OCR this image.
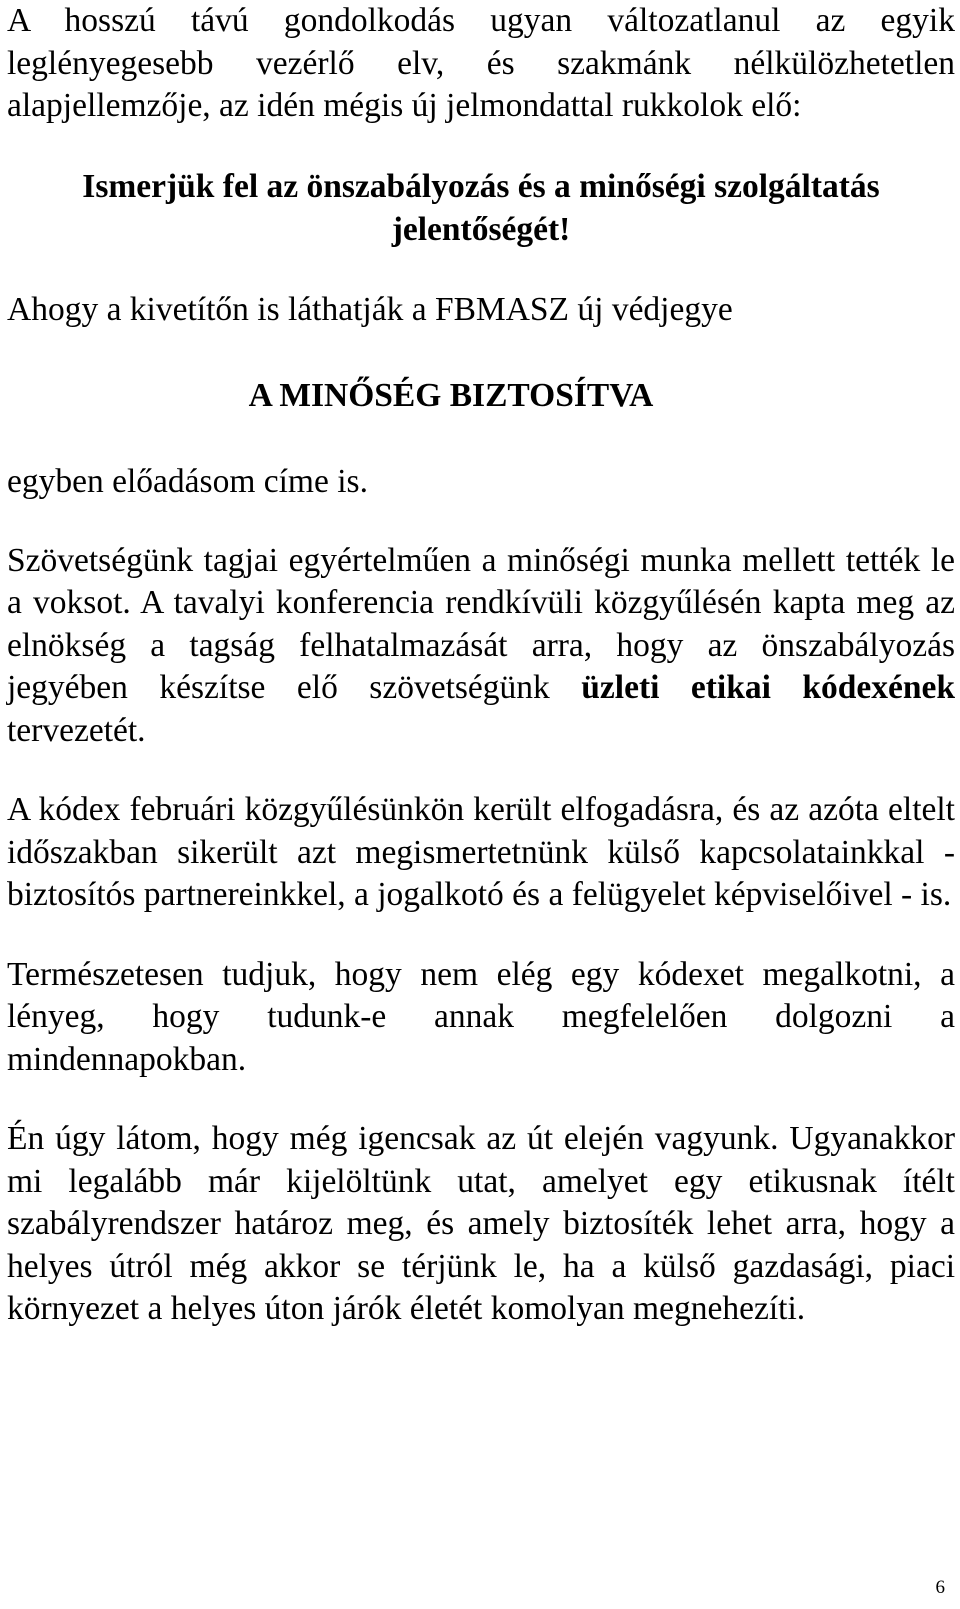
A hosszú távú gondolkodás ugyan változatlanul az egyik leglényegesebb vezérlő elv, és szakmánk nélkülözhetetlen alapjellemzője, az idén mégis új jelmondattal rukkolok elő:

Ismerjük fel az önszabályozás és a minőségi szolgáltatás

jelentőségét!

Ahogy a kivetítőn is láthatják a FBMASZ új védjegye

A MINŐSÉG BIZTOSÍTVA

egyben előadásom címe is.

Szövetségünk tagjai egyértelműen a minőségi munka mellett tették le a voksot. A tavalyi konferencia rendkívüli közgyűlésén kapta meg az elnökség a tagság felhatalmazását arra, hogy az önszabályozás jegyében készítse elő szövetségünk üzleti etikai kódexének tervezetét.

A kódex februári közgyűlésünkön került elfogadásra, és az azóta eltelt időszakban sikerült azt megismertetnünk külső kapcsolatainkkal - biztosítós partnereinkkel, a jogalkotó és a felügyelet képviselőivel - is.

Természetesen tudjuk, hogy nem elég egy kódexet megalkotni, a lényeg, hogy tudunk-e annak megfelelően dolgozni a mindennapokban.

Én úgy látom, hogy még igencsak az út elején vagyunk. Ugyanakkor mi legalább már kijelöltünk utat, amelyet egy etikusnak ítélt szabályrendszer határoz meg, és amely biztosíték lehet arra, hogy a helyes útról még akkor se térjünk le, ha a külső gazdasági, piaci környezet a helyes úton járók életét komolyan megnehezíti.

6
